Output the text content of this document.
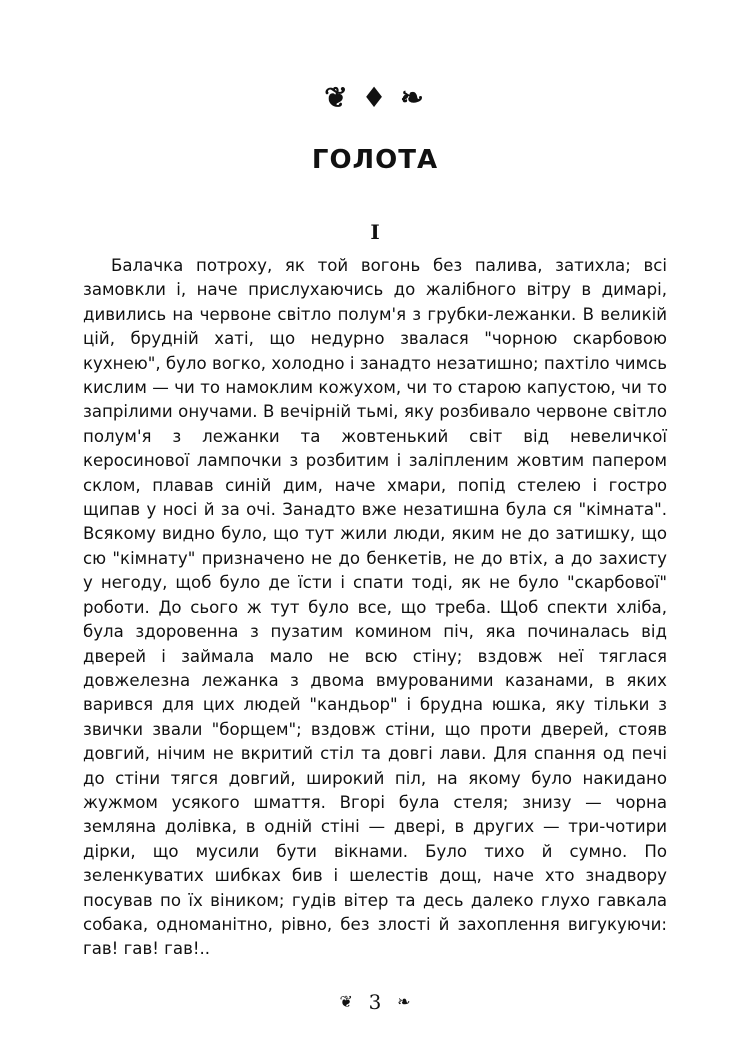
❦ ♦ ❧
ГОЛОТА
I

Балачка потроху, як той вогонь без палива, затихла; всі замовкли і, наче прислухаючись до жалібного вітру в димарі, дивились на червоне світло полум'я з грубки-лежанки. В великій цій, брудній хаті, що недурно звалася "чорною скарбовою кухнею", було вогко, холодно і занадто незатишно; пахтіло чимсь кислим — чи то намоклим кожухом, чи то старою капустою, чи то запрілими онучами. В вечірній тьмі, яку розбивало червоне світло полум'я з лежанки та жовтенький світ від невеличкої керосинової лампочки з розбитим і заліпленим жовтим папером склом, плавав синій дим, наче хмари, попід стелею і гостро щипав у носі й за очі. Занадто вже незатишна була ся "кімната". Всякому видно було, що тут жили люди, яким не до затишку, що сю "кімнату" призначено не до бенкетів, не до втіх, а до захисту у негоду, щоб було де їсти і спати тоді, як не було "скарбової" роботи. До сього ж тут було все, що треба. Щоб спекти хліба, була здоровенна з пузатим комином піч, яка починалась від дверей і займала мало не всю стіну; вздовж неї тяглася довжелезна лежанка з двома вмурованими казанами, в яких варився для цих людей "кандьор" і брудна юшка, яку тільки з звички звали "борщем"; вздовж стіни, що проти дверей, стояв довгий, нічим не вкритий стіл та довгі лави. Для спання од печі до стіни тягся довгий, широкий піл, на якому було накидано жужмом усякого шмаття. Вгорі була стеля; знизу — чорна земляна долівка, в одній стіні — двері, в других — три-чотири дірки, що мусили бути вікнами. Було тихо й сумно. По зеленкуватих шибках бив і шелестів дощ, наче хто знадвору посував по їх віником; гудів вітер та десь далеко глухо гавкала собака, одноманітно, рівно, без злості й захоплення вигукуючи: гав! гав! гав!..

❦ 3 ❧
